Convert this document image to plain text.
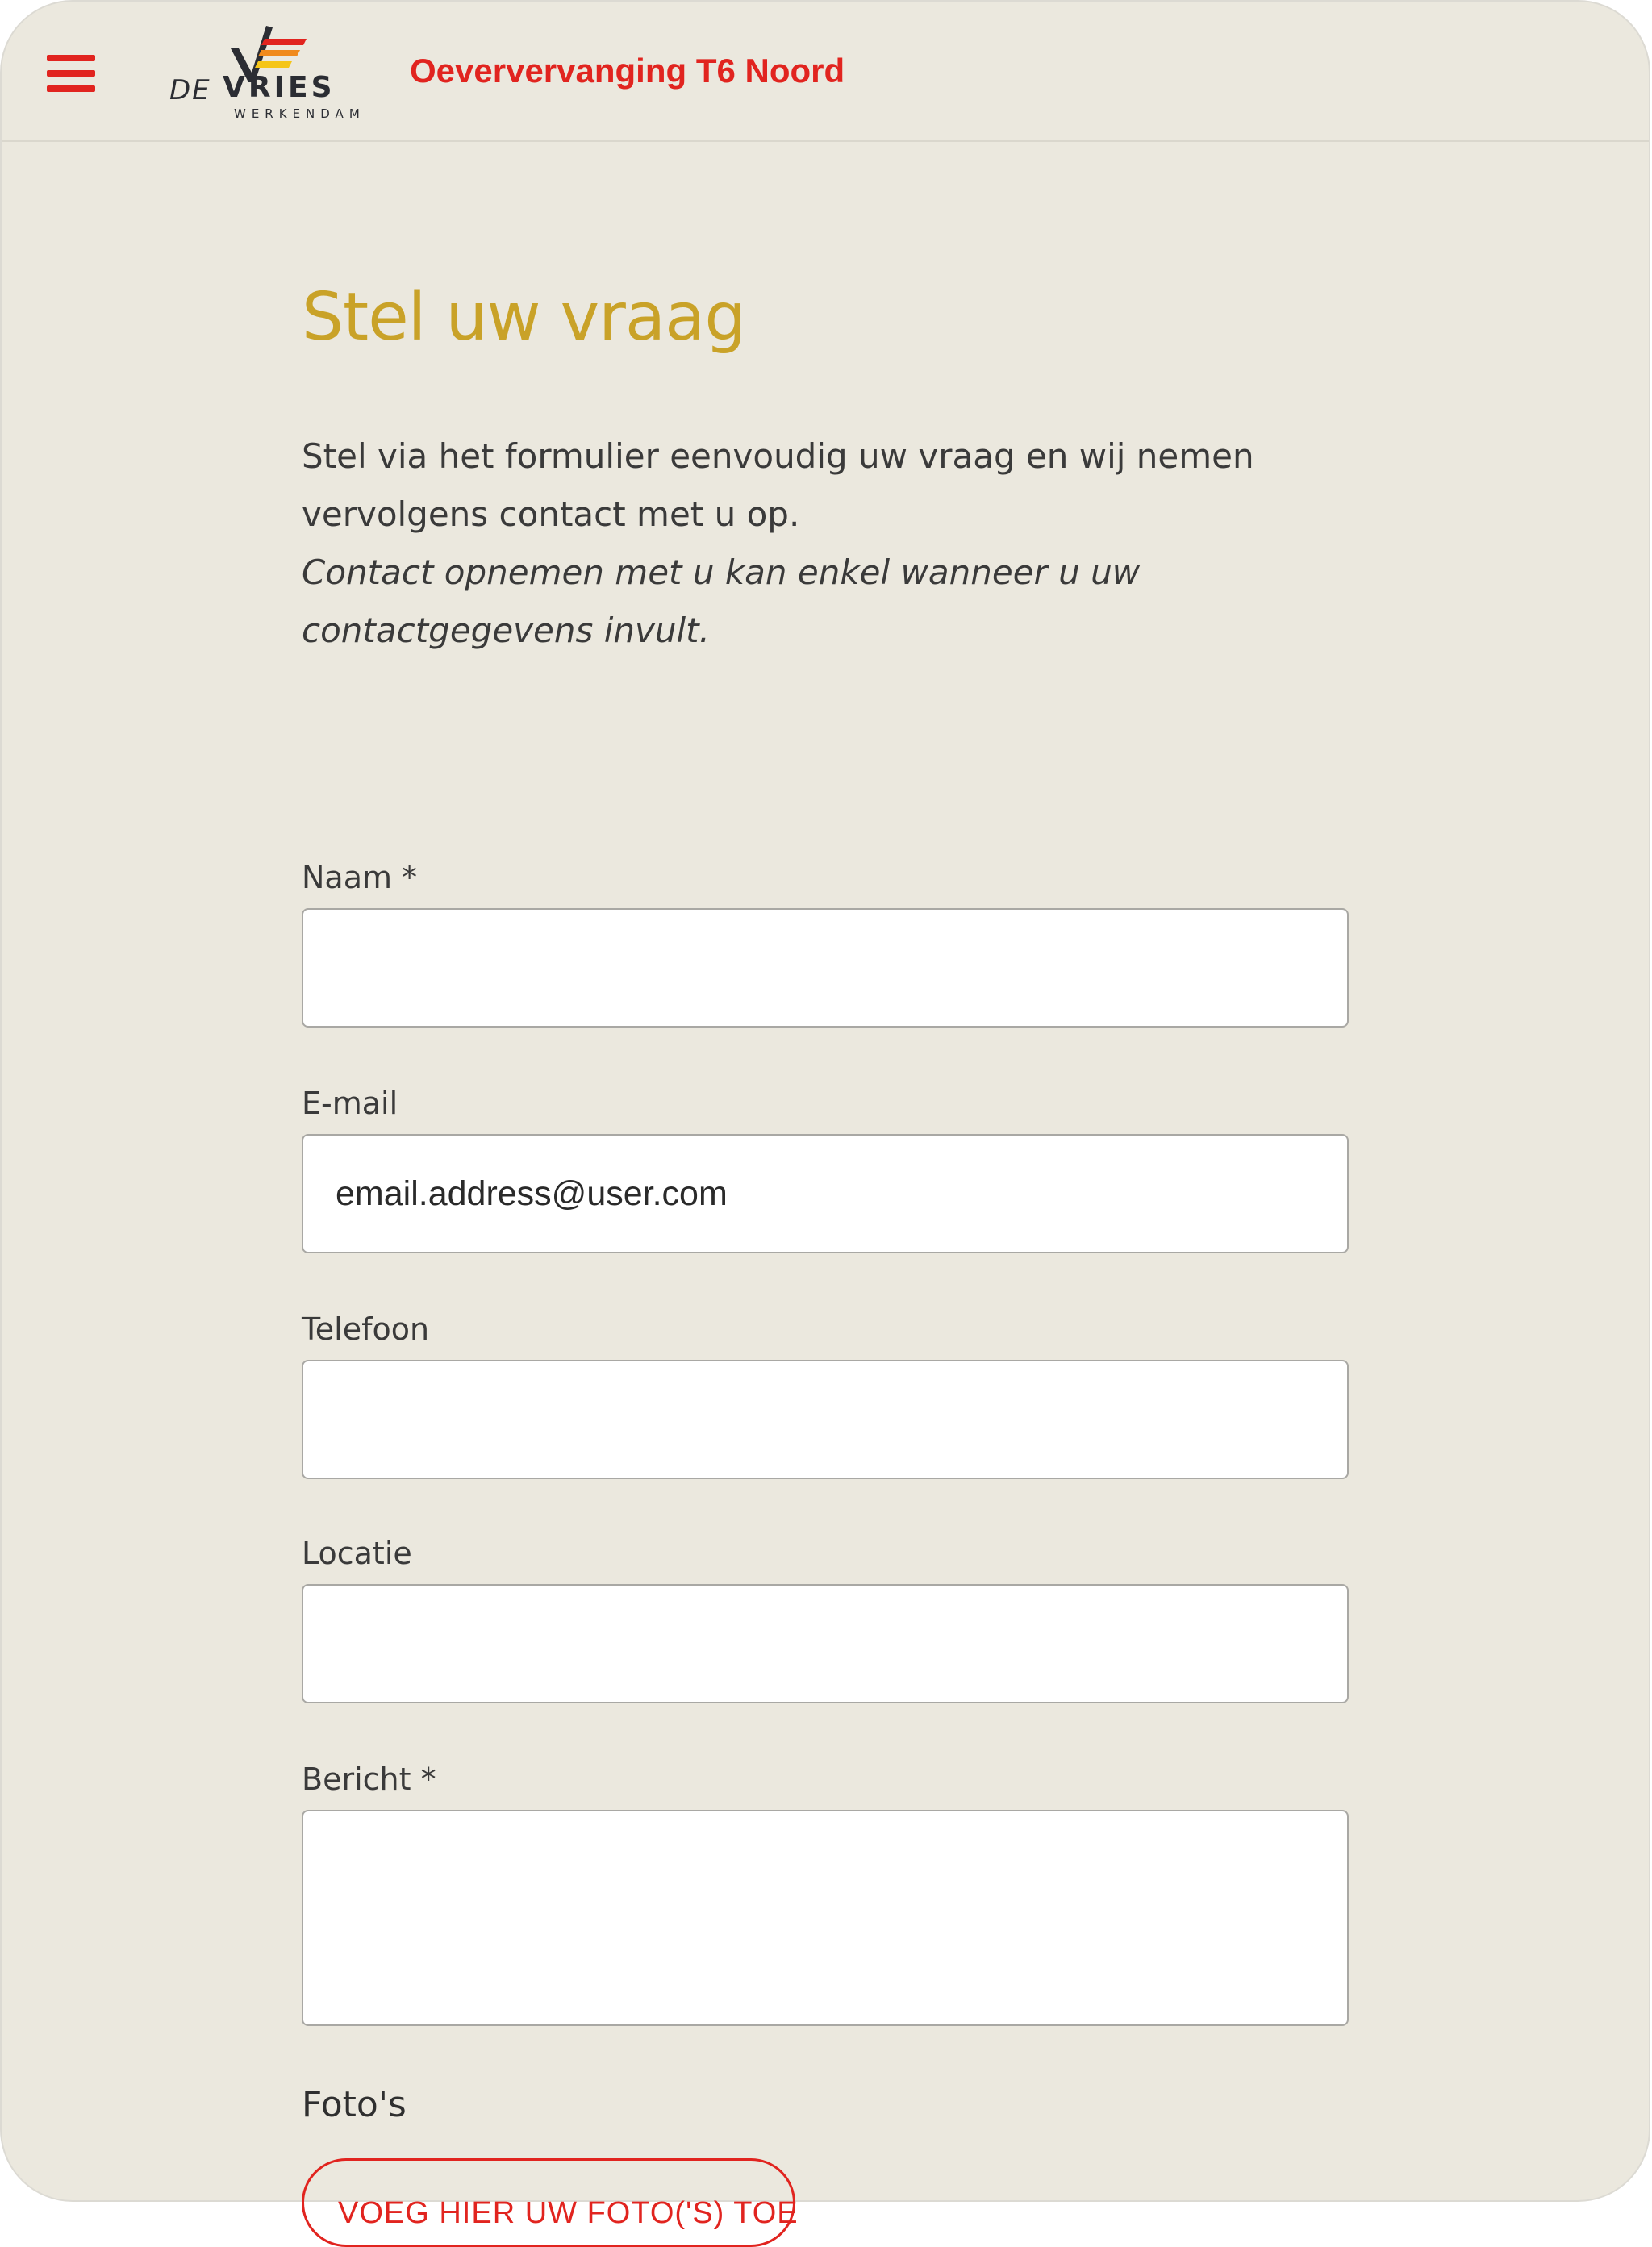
DE VRIES
WERKENDAM
Oeververvanging T6 Noord
Stel uw vraag

Stel via het formulier eenvoudig uw vraag en wij nemen vervolgens contact met u op.
Contact opnemen met u kan enkel wanneer u uw contactgegevens invult.

Naam *
E-mail
email.address@user.com
Telefoon
Locatie
Bericht *
Foto's
VOEG HIER UW FOTO('S) TOE
